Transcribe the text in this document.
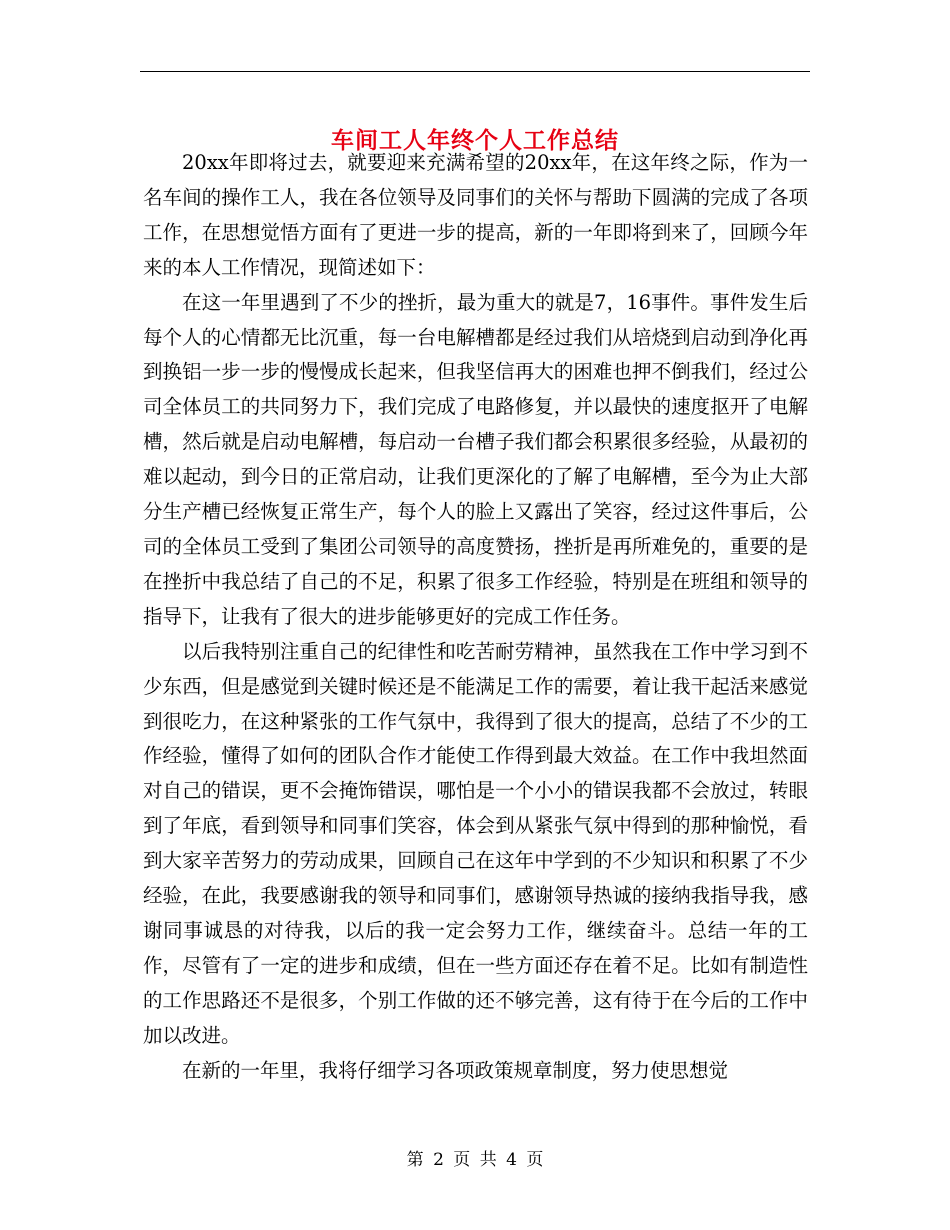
车间工人年终个人工作总结

20xx年即将过去，就要迎来充满希望的20xx年，在这年终之际，作为一名车间的操作工人，我在各位领导及同事们的关怀与帮助下圆满的完成了各项工作，在思想觉悟方面有了更进一步的提高，新的一年即将到来了，回顾今年来的本人工作情况，现简述如下：

在这一年里遇到了不少的挫折，最为重大的就是7，16事件。事件发生后每个人的心情都无比沉重，每一台电解槽都是经过我们从培烧到启动到净化再到换铝一步一步的慢慢成长起来，但我坚信再大的困难也押不倒我们，经过公司全体员工的共同努力下，我们完成了电路修复，并以最快的速度抠开了电解槽，然后就是启动电解槽，每启动一台槽子我们都会积累很多经验，从最初的难以起动，到今日的正常启动，让我们更深化的了解了电解槽，至今为止大部分生产槽已经恢复正常生产，每个人的脸上又露出了笑容，经过这件事后，公司的全体员工受到了集团公司领导的高度赞扬，挫折是再所难免的，重要的是在挫折中我总结了自己的不足，积累了很多工作经验，特别是在班组和领导的指导下，让我有了很大的进步能够更好的完成工作任务。

以后我特别注重自己的纪律性和吃苦耐劳精神，虽然我在工作中学习到不少东西，但是感觉到关键时候还是不能满足工作的需要，着让我干起活来感觉到很吃力，在这种紧张的工作气氛中，我得到了很大的提高，总结了不少的工作经验，懂得了如何的团队合作才能使工作得到最大效益。在工作中我坦然面对自己的错误，更不会掩饰错误，哪怕是一个小小的错误我都不会放过，转眼到了年底，看到领导和同事们笑容，体会到从紧张气氛中得到的那种愉悦，看到大家辛苦努力的劳动成果，回顾自己在这年中学到的不少知识和积累了不少经验，在此，我要感谢我的领导和同事们，感谢领导热诚的接纳我指导我，感谢同事诚恳的对待我，以后的我一定会努力工作，继续奋斗。总结一年的工作，尽管有了一定的进步和成绩，但在一些方面还存在着不足。比如有制造性的工作思路还不是很多，个别工作做的还不够完善，这有待于在今后的工作中加以改进。

在新的一年里，我将仔细学习各项政策规章制度，努力使思想觉

第 2 页 共 4 页
